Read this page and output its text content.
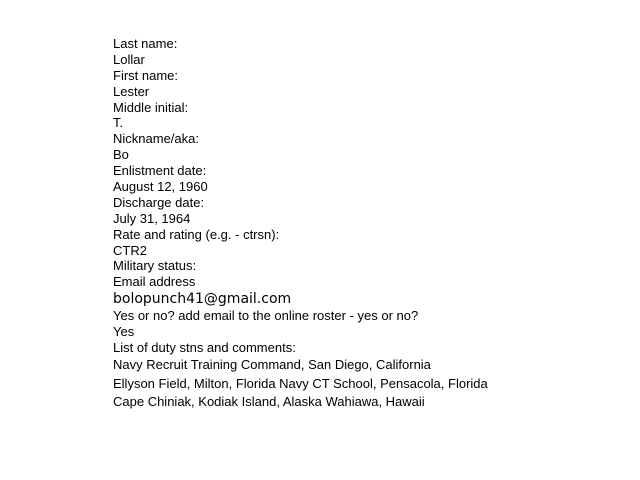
Last name:
Lollar
First name:
Lester
Middle initial:
T.
Nickname/aka:
Bo
Enlistment date:
August 12, 1960
Discharge date:
July 31, 1964
Rate and rating (e.g. - ctrsn):
CTR2
Military status:
Email address
bolopunch41@gmail.com
Yes or no? add email to the online roster - yes or no?
Yes
List of duty stns and comments:
Navy Recruit Training Command, San Diego, California
Ellyson Field, Milton, Florida Navy CT School, Pensacola, Florida
Cape Chiniak, Kodiak Island, Alaska Wahiawa, Hawaii
